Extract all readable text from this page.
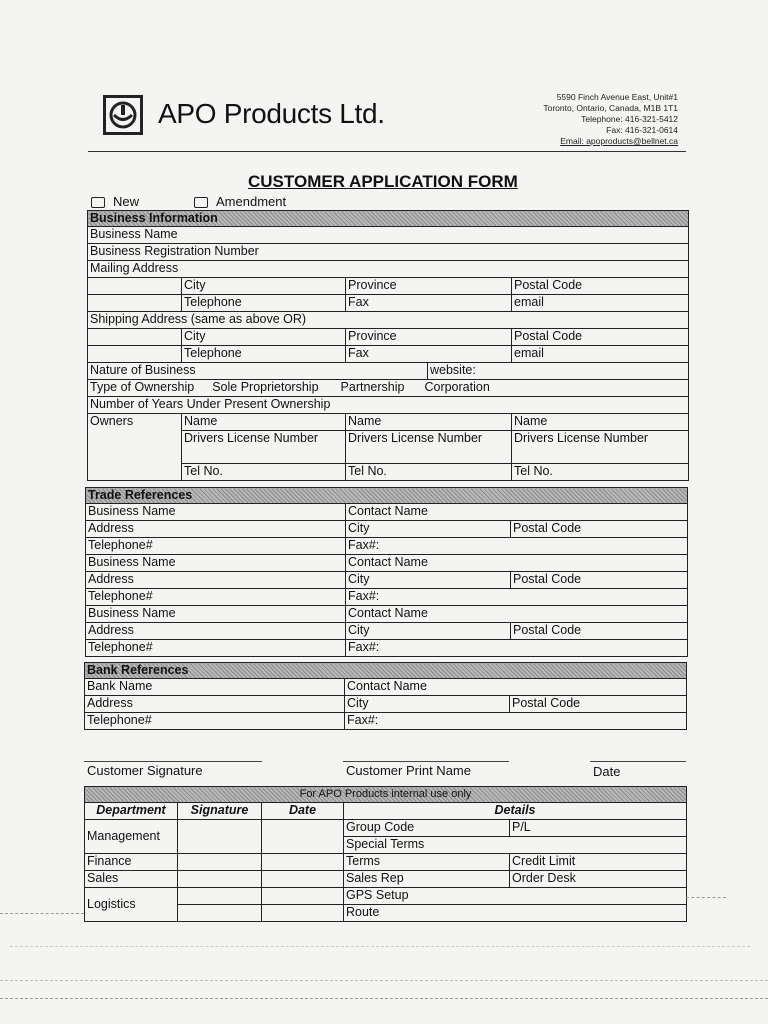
APO Products Ltd.
5590 Finch Avenue East, Unit#1
Toronto, Ontario, Canada, M1B 1T1
Telephone: 416-321-5412
Fax: 416-321-0614
Email: apoproducts@bellnet.ca
CUSTOMER APPLICATION FORM
New	Amendment
Business Information				
Business Name				
Business Registration Number				
Mailing Address				
	City	Province		Postal Code
	Telephone	Fax		email
Shipping Address (same as above OR)				
	City	Province		Postal Code
	Telephone	Fax		email
Nature of Business			website:	
Type of Ownership Sole Proprietorship Partnership Corporation				
Number of Years Under Present Ownership				
Owners	Name	Name		Name
	Drivers License Number	Drivers License Number		Drivers License Number
	Tel No.	Tel No.		Tel No.
Trade References		
Business Name	Contact Name	
Address	City	Postal Code
Telephone#	Fax#:	
Business Name	Contact Name	
Address	City	Postal Code
Telephone#	Fax#:	
Business Name	Contact Name	
Address	City	Postal Code
Telephone#	Fax#:	
Bank References		
Bank Name	Contact Name	
Address	City	Postal Code
Telephone#	Fax#:	
Customer Signature	Customer Print Name	Date
For APO Products internal use only				
Department	Signature	Date	Details	
Management			Group Code	P/L
			Special Terms	
Finance			Terms	Credit Limit
Sales			Sales Rep	Order Desk
Logistics			GPS Setup	
			Route	
